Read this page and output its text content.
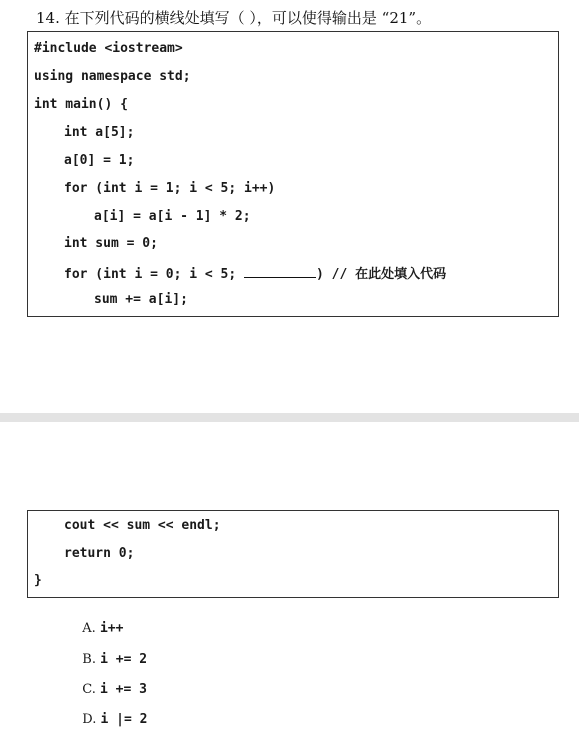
14. 在下列代码的横线处填写（ ），可以使得输出是 “21”。
#include <iostream>
using namespace std;
int main() {
int a[5];
a[0] = 1;
for (int i = 1; i < 5; i++)
a[i] = a[i - 1] * 2;
int sum = 0;
for (int i = 0; i < 5;	) // 在此处填入代码
sum += a[i];
cout << sum << endl;
return 0;
}

A. i++

B. i += 2

C. i += 3

D. i |= 2
